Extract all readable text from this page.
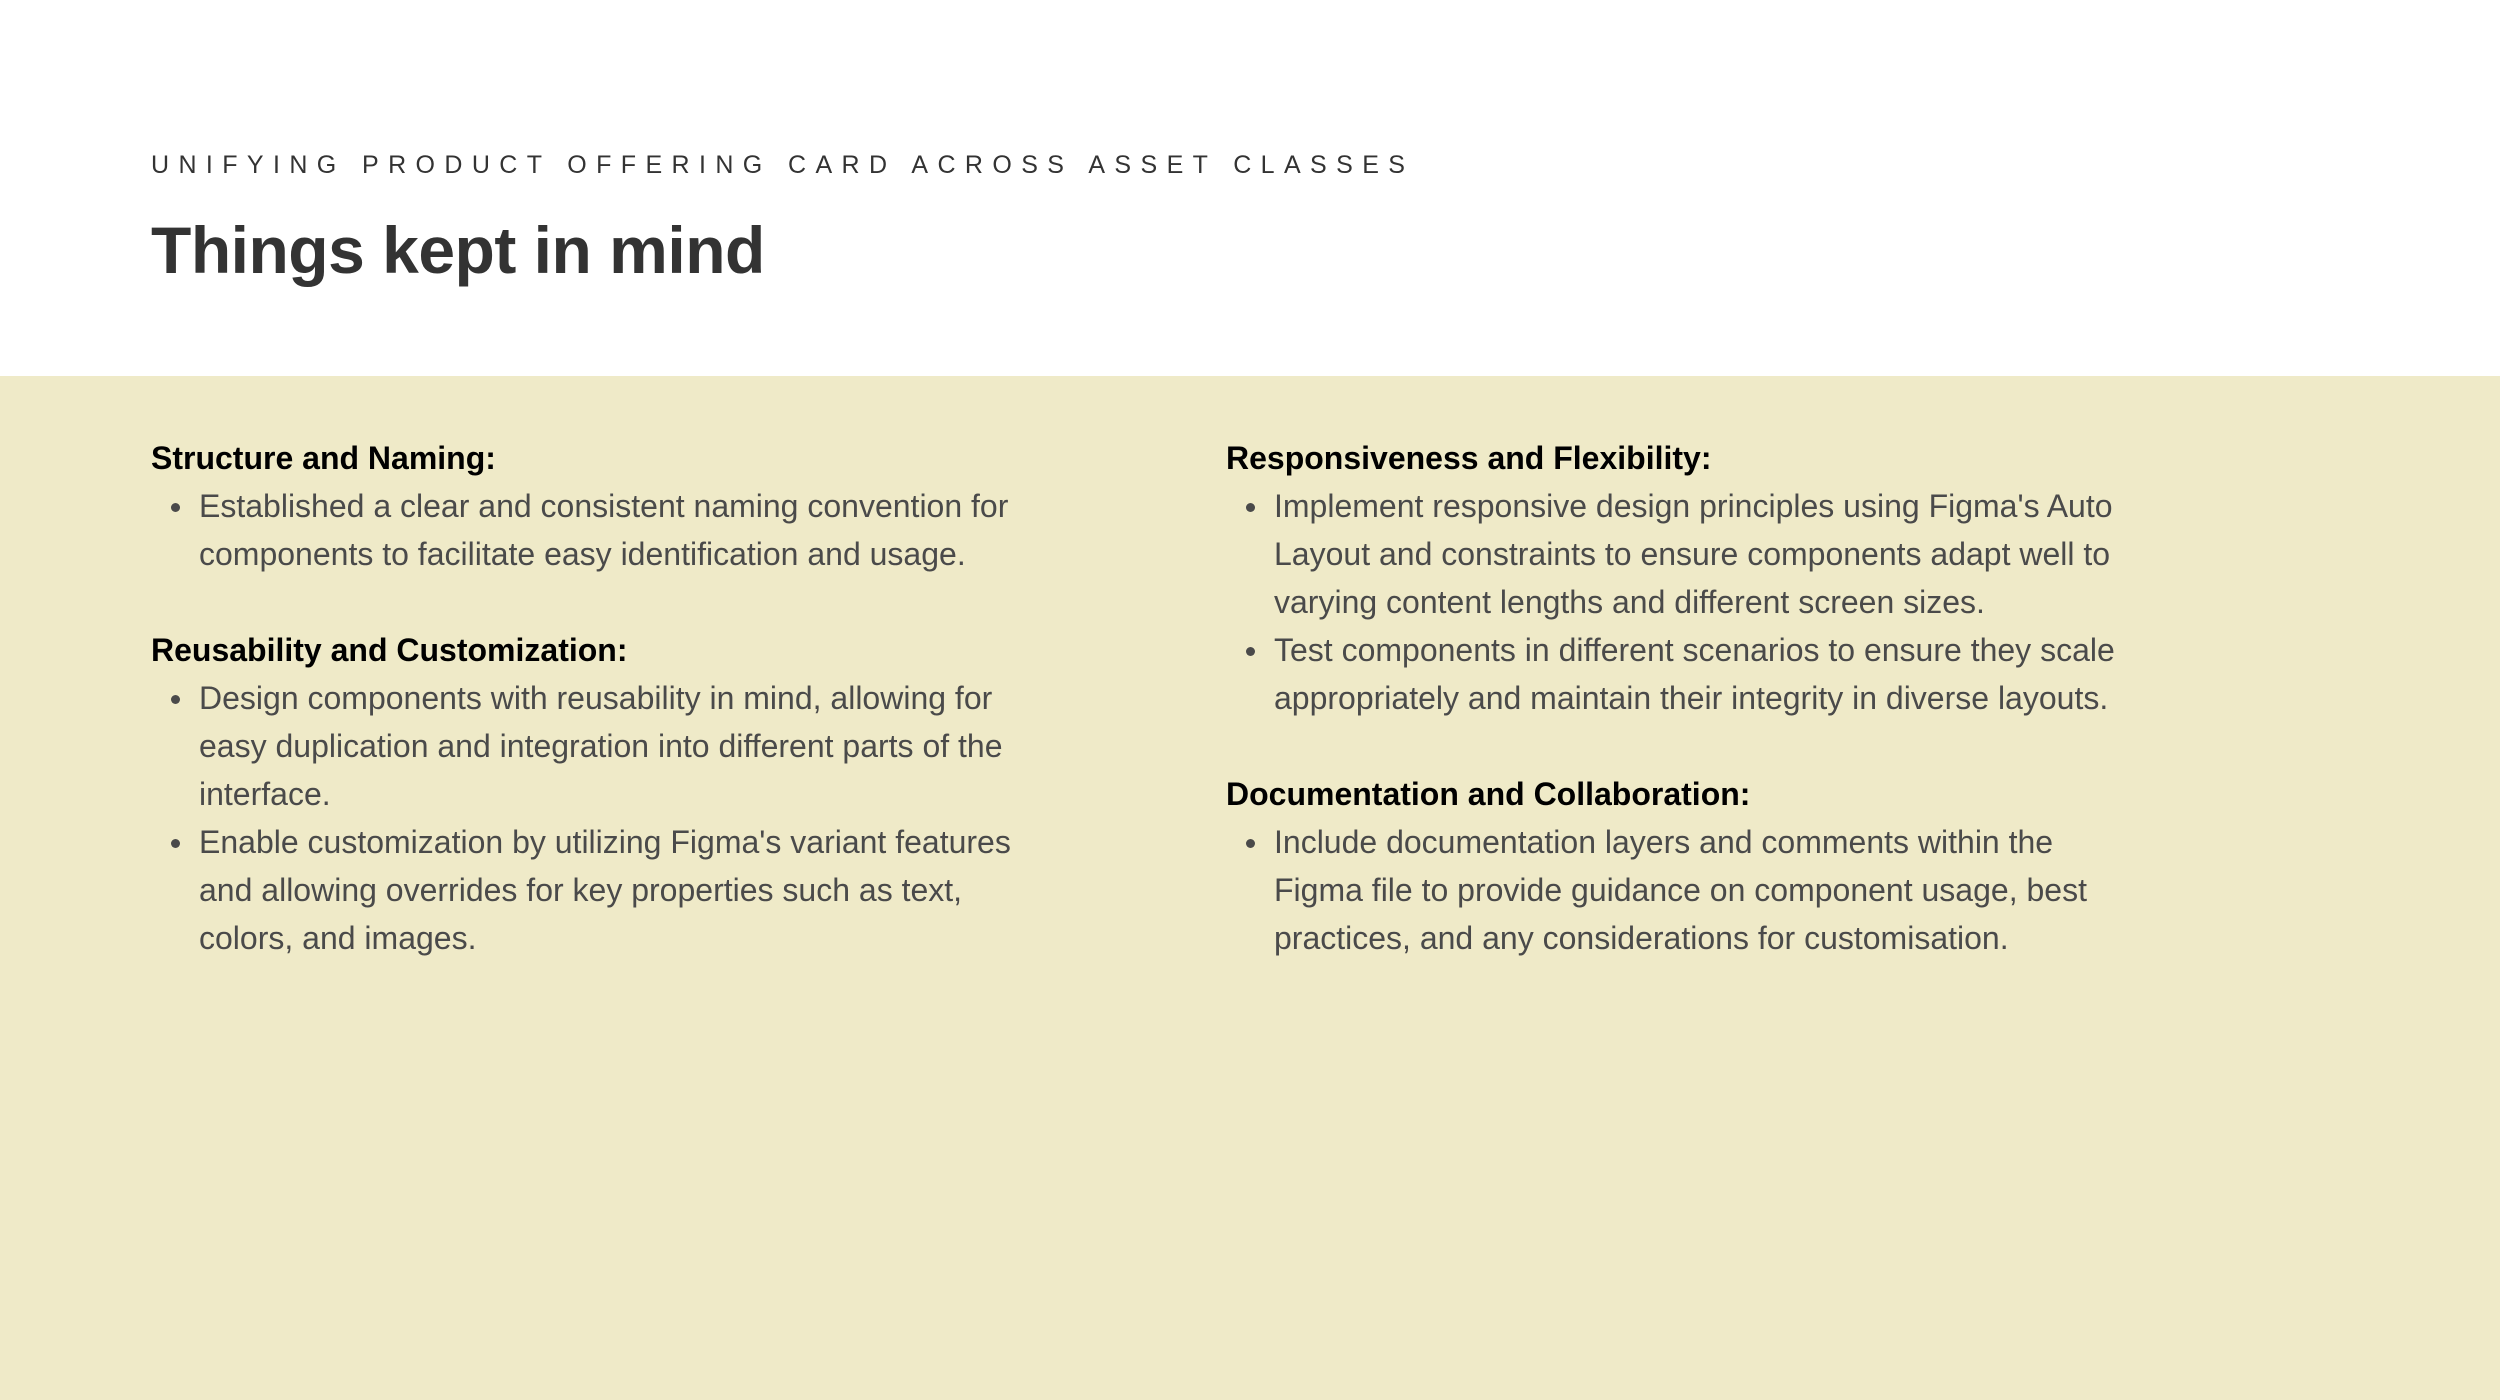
UNIFYING PRODUCT OFFERING CARD ACROSS ASSET CLASSES
Things kept in mind
Structure and Naming:
Established a clear and consistent naming convention for components to facilitate easy identification and usage.
Reusability and Customization:
Design components with reusability in mind, allowing for easy duplication and integration into different parts of the interface.
Enable customization by utilizing Figma's variant features and allowing overrides for key properties such as text, colors, and images.
Responsiveness and Flexibility:
Implement responsive design principles using Figma's Auto Layout and constraints to ensure components adapt well to varying content lengths and different screen sizes.
Test components in different scenarios to ensure they scale appropriately and maintain their integrity in diverse layouts.
Documentation and Collaboration:
Include documentation layers and comments within the Figma file to provide guidance on component usage, best practices, and any considerations for customisation.
